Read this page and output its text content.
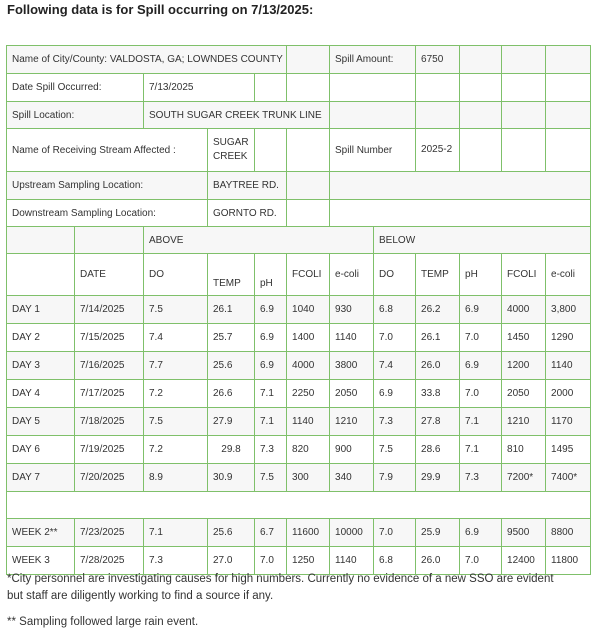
Following data is for Spill occurring on 7/13/2025:
Name of City/County: VALDOSTA, GA; LOWNDES COUNTY						Spill Amount:		6750			
Date Spill Occurred:		7/13/2025									
Spill Location:		SOUTH SUGAR CREEK TRUNK LINE									
Name of Receiving Stream Affected :			SUGAR CREEK			Spill Number		2025-2			
Upstream Sampling Location:			BAYTREE RD.								
Downstream Sampling Location:			GORNTO RD.								
		ABOVE					BELOW				
	DATE	DO	TEMP	pH	FCOLI	e-coli	DO	TEMP	pH	FCOLI	e-coli
DAY 1	7/14/2025	7.5	26.1	6.9	1040	930	6.8	26.2	6.9	4000	3,800
DAY 2	7/15/2025	7.4	25.7	6.9	1400	1140	7.0	26.1	7.0	1450	1290
DAY 3	7/16/2025	7.7	25.6	6.9	4000	3800	7.4	26.0	6.9	1200	1140
DAY 4	7/17/2025	7.2	26.6	7.1	2250	2050	6.9	33.8	7.0	2050	2000
DAY 5	7/18/2025	7.5	27.9	7.1	1140	1210	7.3	27.8	7.1	1210	1170
DAY 6	7/19/2025	7.2	29.8	7.3	820	900	7.5	28.6	7.1	810	1495
DAY 7	7/20/2025	8.9	30.9	7.5	300	340	7.9	29.9	7.3	7200*	7400*

WEEK 2**	7/23/2025	7.1	25.6	6.7	11600	10000	7.0	25.9	6.9	9500	8800
WEEK 3	7/28/2025	7.3	27.0	7.0	1250	1140	6.8	26.0	7.0	12400	11800
*City personnel are investigating causes for high numbers. Currently no evidence of a new SSO are evident but staff are diligently working to find a source if any.
** Sampling followed large rain event.
